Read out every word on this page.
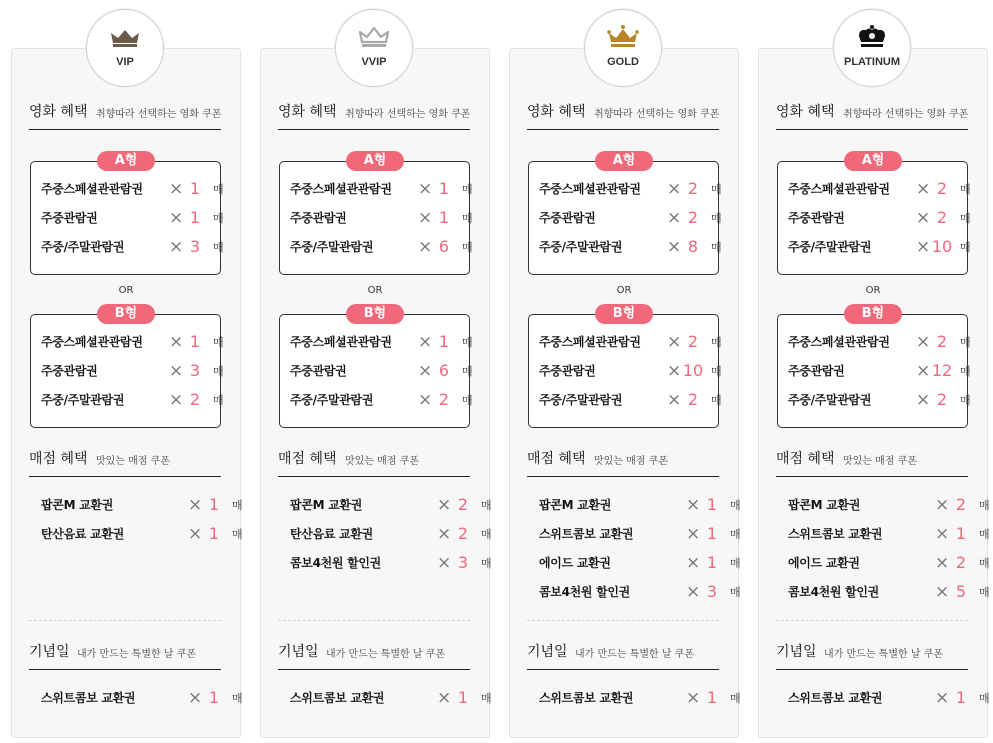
VIP
영화 혜택 취향따라 선택하는 영화 쿠폰
A형
주중스페셜관관람권 × 1	매
주중관람권	× 1	매
주중/주말관람권	× 3	매
OR
B형
주중스페셜관관람권 × 1	매
주중관람권	× 3	매
주중/주말관람권	× 2	매
매점 혜택 맛있는 매점 쿠폰
팝콘M 교환권	× 1	매
탄산음료 교환권	× 1	매
기념일 내가 만드는 특별한 날 쿠폰
스위트콤보 교환권	× 1	매
VVIP
영화 혜택 취향따라 선택하는 영화 쿠폰
A형
주중스페셜관관람권 × 1	매
주중관람권	× 1	매
주중/주말관람권	× 6	매
OR
B형
주중스페셜관관람권 × 1	매
주중관람권	× 6	매
주중/주말관람권	× 2	매
매점 혜택 맛있는 매점 쿠폰
팝콘M 교환권	× 2	매
탄산음료 교환권	× 2	매
콤보4천원 할인권	× 3	매
기념일 내가 만드는 특별한 날 쿠폰
스위트콤보 교환권	× 1	매
GOLD
영화 혜택 취향따라 선택하는 영화 쿠폰
A형
주중스페셜관관람권 × 2	매
주중관람권	× 2	매
주중/주말관람권	× 8	매
OR
B형
주중스페셜관관람권 × 2	매
주중관람권	× 10 매
주중/주말관람권	× 2	매
매점 혜택 맛있는 매점 쿠폰
팝콘M 교환권	× 1	매
스위트콤보 교환권	× 1	매
에이드 교환권	× 1	매
콤보4천원 할인권	× 3	매
기념일 내가 만드는 특별한 날 쿠폰
스위트콤보 교환권	× 1	매
PLATINUM
영화 혜택 취향따라 선택하는 영화 쿠폰
A형
주중스페셜관관람권 × 2	매
주중관람권	× 2	매
주중/주말관람권	× 10 매
OR
B형
주중스페셜관관람권 × 2	매
주중관람권	× 12 매
주중/주말관람권	× 2	매
매점 혜택 맛있는 매점 쿠폰
팝콘M 교환권	× 2	매
스위트콤보 교환권	× 1	매
에이드 교환권	× 2	매
콤보4천원 할인권	× 5	매
기념일 내가 만드는 특별한 날 쿠폰
스위트콤보 교환권	× 1	매
